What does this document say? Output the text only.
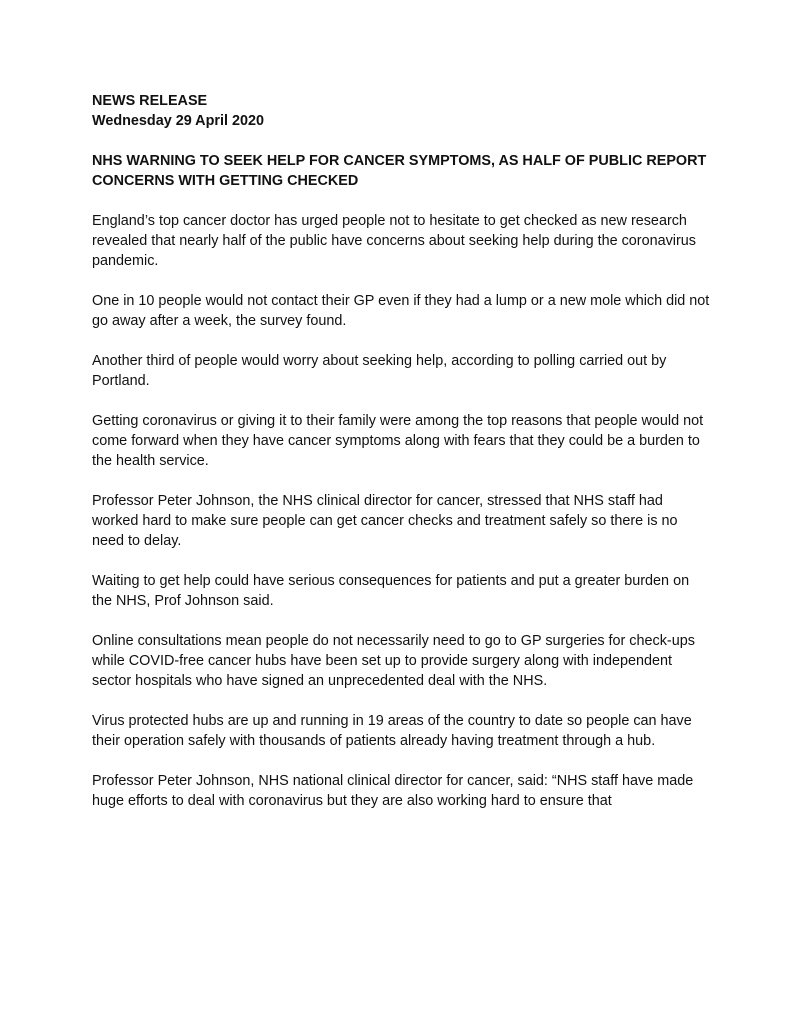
NEWS RELEASE

Wednesday 29 April 2020

NHS WARNING TO SEEK HELP FOR CANCER SYMPTOMS, AS HALF OF PUBLIC REPORT CONCERNS WITH GETTING CHECKED

England’s top cancer doctor has urged people not to hesitate to get checked as new research revealed that nearly half of the public have concerns about seeking help during the coronavirus pandemic.

One in 10 people would not contact their GP even if they had a lump or a new mole which did not go away after a week, the survey found.

Another third of people would worry about seeking help, according to polling carried out by Portland.

Getting coronavirus or giving it to their family were among the top reasons that people would not come forward when they have cancer symptoms along with fears that they could be a burden to the health service.

Professor Peter Johnson, the NHS clinical director for cancer, stressed that NHS staff had worked hard to make sure people can get cancer checks and treatment safely so there is no need to delay.

Waiting to get help could have serious consequences for patients and put a greater burden on the NHS, Prof Johnson said.

Online consultations mean people do not necessarily need to go to GP surgeries for check-ups while COVID-free cancer hubs have been set up to provide surgery along with independent sector hospitals who have signed an unprecedented deal with the NHS.

Virus protected hubs are up and running in 19 areas of the country to date so people can have their operation safely with thousands of patients already having treatment through a hub.

Professor Peter Johnson, NHS national clinical director for cancer, said: “NHS staff have made huge efforts to deal with coronavirus but they are also working hard to ensure that
